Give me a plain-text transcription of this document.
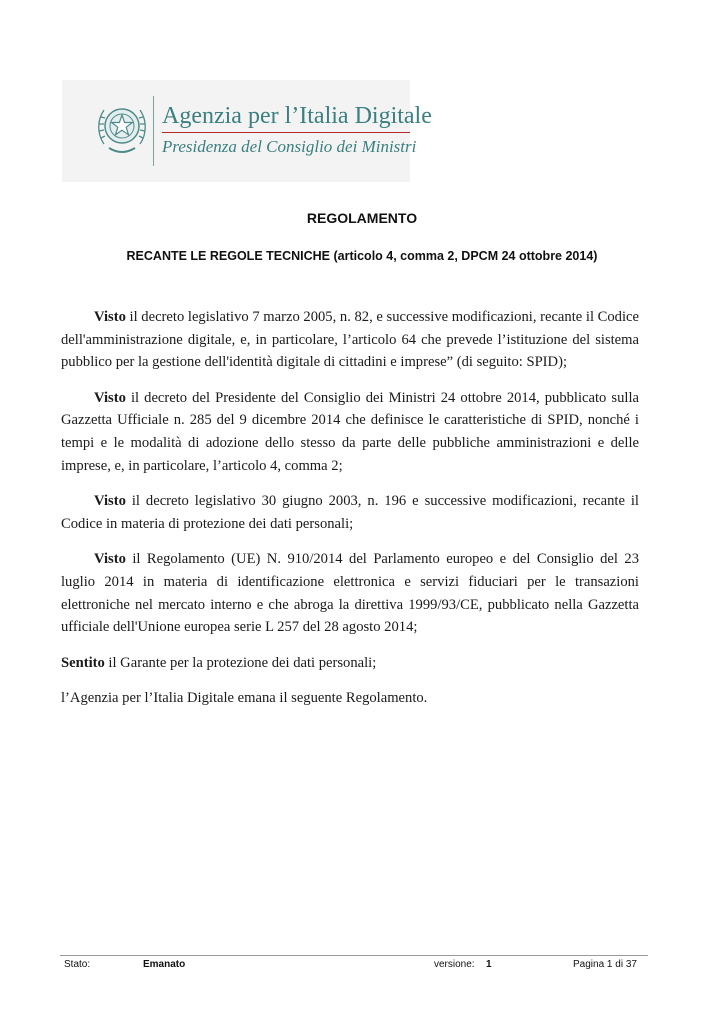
Agenzia per l’Italia Digitale
Presidenza del Consiglio dei Ministri
REGOLAMENTO
RECANTE LE REGOLE TECNICHE (articolo 4, comma 2, DPCM 24 ottobre 2014)

Visto il decreto legislativo 7 marzo 2005, n. 82, e successive modificazioni, recante il Codice dell'amministrazione digitale, e, in particolare, l’articolo 64 che prevede l’istituzione del sistema pubblico per la gestione dell'identità digitale di cittadini e imprese” (di seguito: SPID);

Visto il decreto del Presidente del Consiglio dei Ministri 24 ottobre 2014, pubblicato sulla Gazzetta Ufficiale n. 285 del 9 dicembre 2014 che definisce le caratteristiche di SPID, nonché i tempi e le modalità di adozione dello stesso da parte delle pubbliche amministrazioni e delle imprese, e, in particolare, l’articolo 4, comma 2;

Visto il decreto legislativo 30 giugno 2003, n. 196 e successive modificazioni, recante il Codice in materia di protezione dei dati personali;

Visto il Regolamento (UE) N. 910/2014 del Parlamento europeo e del Consiglio del 23 luglio 2014 in materia di identificazione elettronica e servizi fiduciari per le transazioni elettroniche nel mercato interno e che abroga la direttiva 1999/93/CE, pubblicato nella Gazzetta ufficiale dell'Unione europea serie L 257 del 28 agosto 2014;

Sentito il Garante per la protezione dei dati personali;

l’Agenzia per l’Italia Digitale emana il seguente Regolamento.

Stato:	Emanato	versione: 1	Pagina 1 di 37
